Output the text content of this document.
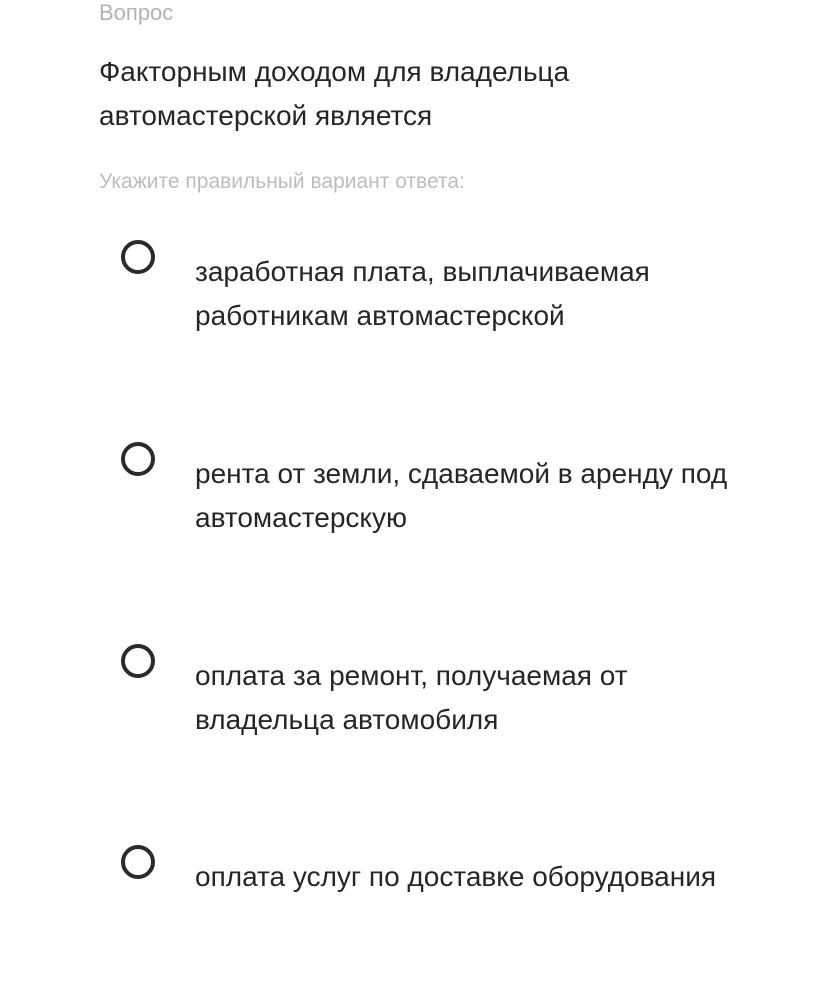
Вопрос
Факторным доходом для владельца автомастерской является
Укажите правильный вариант ответа:
заработная плата, выплачиваемая работникам автомастерской
рента от земли, сдаваемой в аренду под автомастерскую
оплата за ремонт, получаемая от владельца автомобиля
оплата услуг по доставке оборудования
